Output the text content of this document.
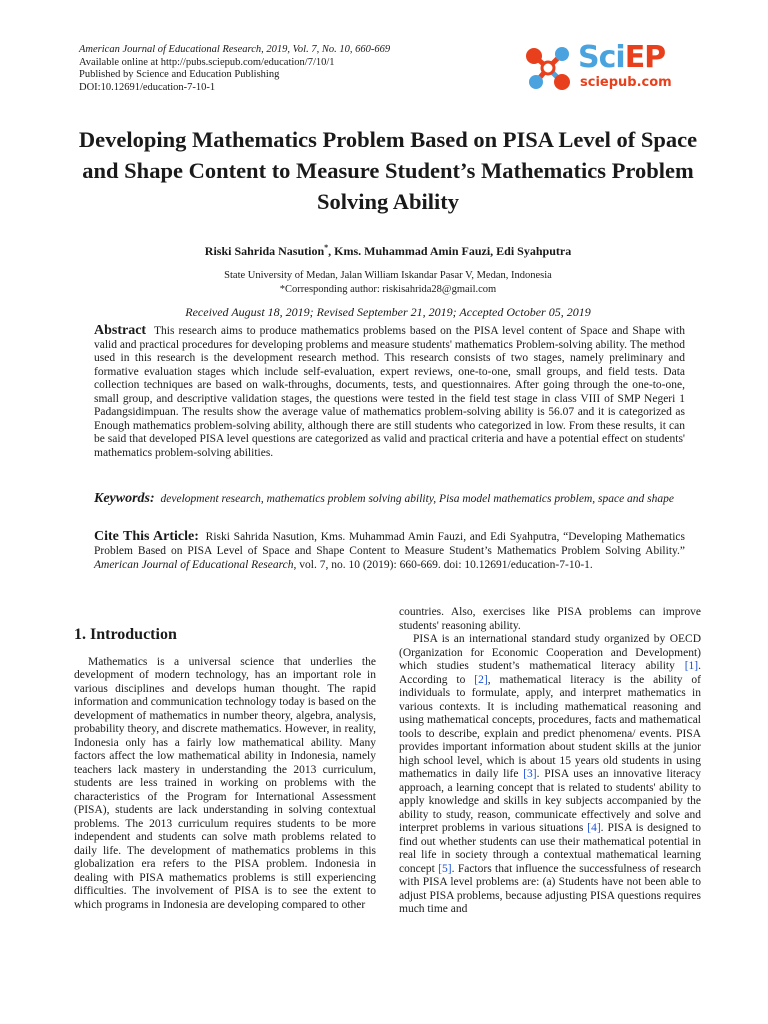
American Journal of Educational Research, 2019, Vol. 7, No. 10, 660-669
Available online at http://pubs.sciepub.com/education/7/10/1
Published by Science and Education Publishing
DOI:10.12691/education-7-10-1
SciEP
sciepub.com
Developing Mathematics Problem Based on PISA Level of Space and Shape Content to Measure Student’s Mathematics Problem Solving Ability
Riski Sahrida Nasution*, Kms. Muhammad Amin Fauzi, Edi Syahputra
State University of Medan, Jalan William Iskandar Pasar V, Medan, Indonesia
*Corresponding author: riskisahrida28@gmail.com
Received August 18, 2019; Revised September 21, 2019; Accepted October 05, 2019
Abstract This research aims to produce mathematics problems based on the PISA level content of Space and Shape with valid and practical procedures for developing problems and measure students' mathematics Problem-solving ability. The method used in this research is the development research method. This research consists of two stages, namely preliminary and formative evaluation stages which include self-evaluation, expert reviews, one-to-one, small groups, and field tests. Data collection techniques are based on walk-throughs, documents, tests, and questionnaires. After going through the one-to-one, small group, and descriptive validation stages, the questions were tested in the field test stage in class VIII of SMP Negeri 1 Padangsidimpuan. The results show the average value of mathematics problem-solving ability is 56.07 and it is categorized as Enough mathematics problem-solving ability, although there are still students who categorized in low. From these results, it can be said that developed PISA level questions are categorized as valid and practical criteria and have a potential effect on students' mathematics problem-solving abilities.
Keywords: development research, mathematics problem solving ability, Pisa model mathematics problem, space and shape
Cite This Article: Riski Sahrida Nasution, Kms. Muhammad Amin Fauzi, and Edi Syahputra, “Developing Mathematics Problem Based on PISA Level of Space and Shape Content to Measure Student’s Mathematics Problem Solving Ability.” American Journal of Educational Research, vol. 7, no. 10 (2019): 660-669. doi: 10.12691/education-7-10-1.
1. Introduction

Mathematics is a universal science that underlies the development of modern technology, has an important role in various disciplines and develops human thought. The rapid information and communication technology today is based on the development of mathematics in number theory, algebra, analysis, probability theory, and discrete mathematics. However, in reality, Indonesia only has a fairly low mathematical ability. Many factors affect the low mathematical ability in Indonesia, namely teachers lack mastery in understanding the 2013 curriculum, students are less trained in working on problems with the characteristics of the Program for International Assessment (PISA), students are lack understanding in solving contextual problems. The 2013 curriculum requires students to be more independent and students can solve math problems related to daily life. The development of mathematics problems in this globalization era refers to the PISA problem. Indonesia in dealing with PISA mathematics problems is still experiencing difficulties. The involvement of PISA is to see the extent to which programs in Indonesia are developing compared to other

countries. Also, exercises like PISA problems can improve students' reasoning ability.

PISA is an international standard study organized by OECD (Organization for Economic Cooperation and Development) which studies student’s mathematical literacy ability [1]. According to [2], mathematical literacy is the ability of individuals to formulate, apply, and interpret mathematics in various contexts. It is including mathematical reasoning and using mathematical concepts, procedures, facts and mathematical tools to describe, explain and predict phenomena/ events. PISA provides important information about student skills at the junior high school level, which is about 15 years old students in using mathematics in daily life [3]. PISA uses an innovative literacy approach, a learning concept that is related to students' ability to apply knowledge and skills in key subjects accompanied by the ability to study, reason, communicate effectively and solve and interpret problems in various situations [4]. PISA is designed to find out whether students can use their mathematical potential in real life in society through a contextual mathematical learning concept [5]. Factors that influence the successfulness of research with PISA level problems are: (a) Students have not been able to adjust PISA problems, because adjusting PISA questions requires much time and
